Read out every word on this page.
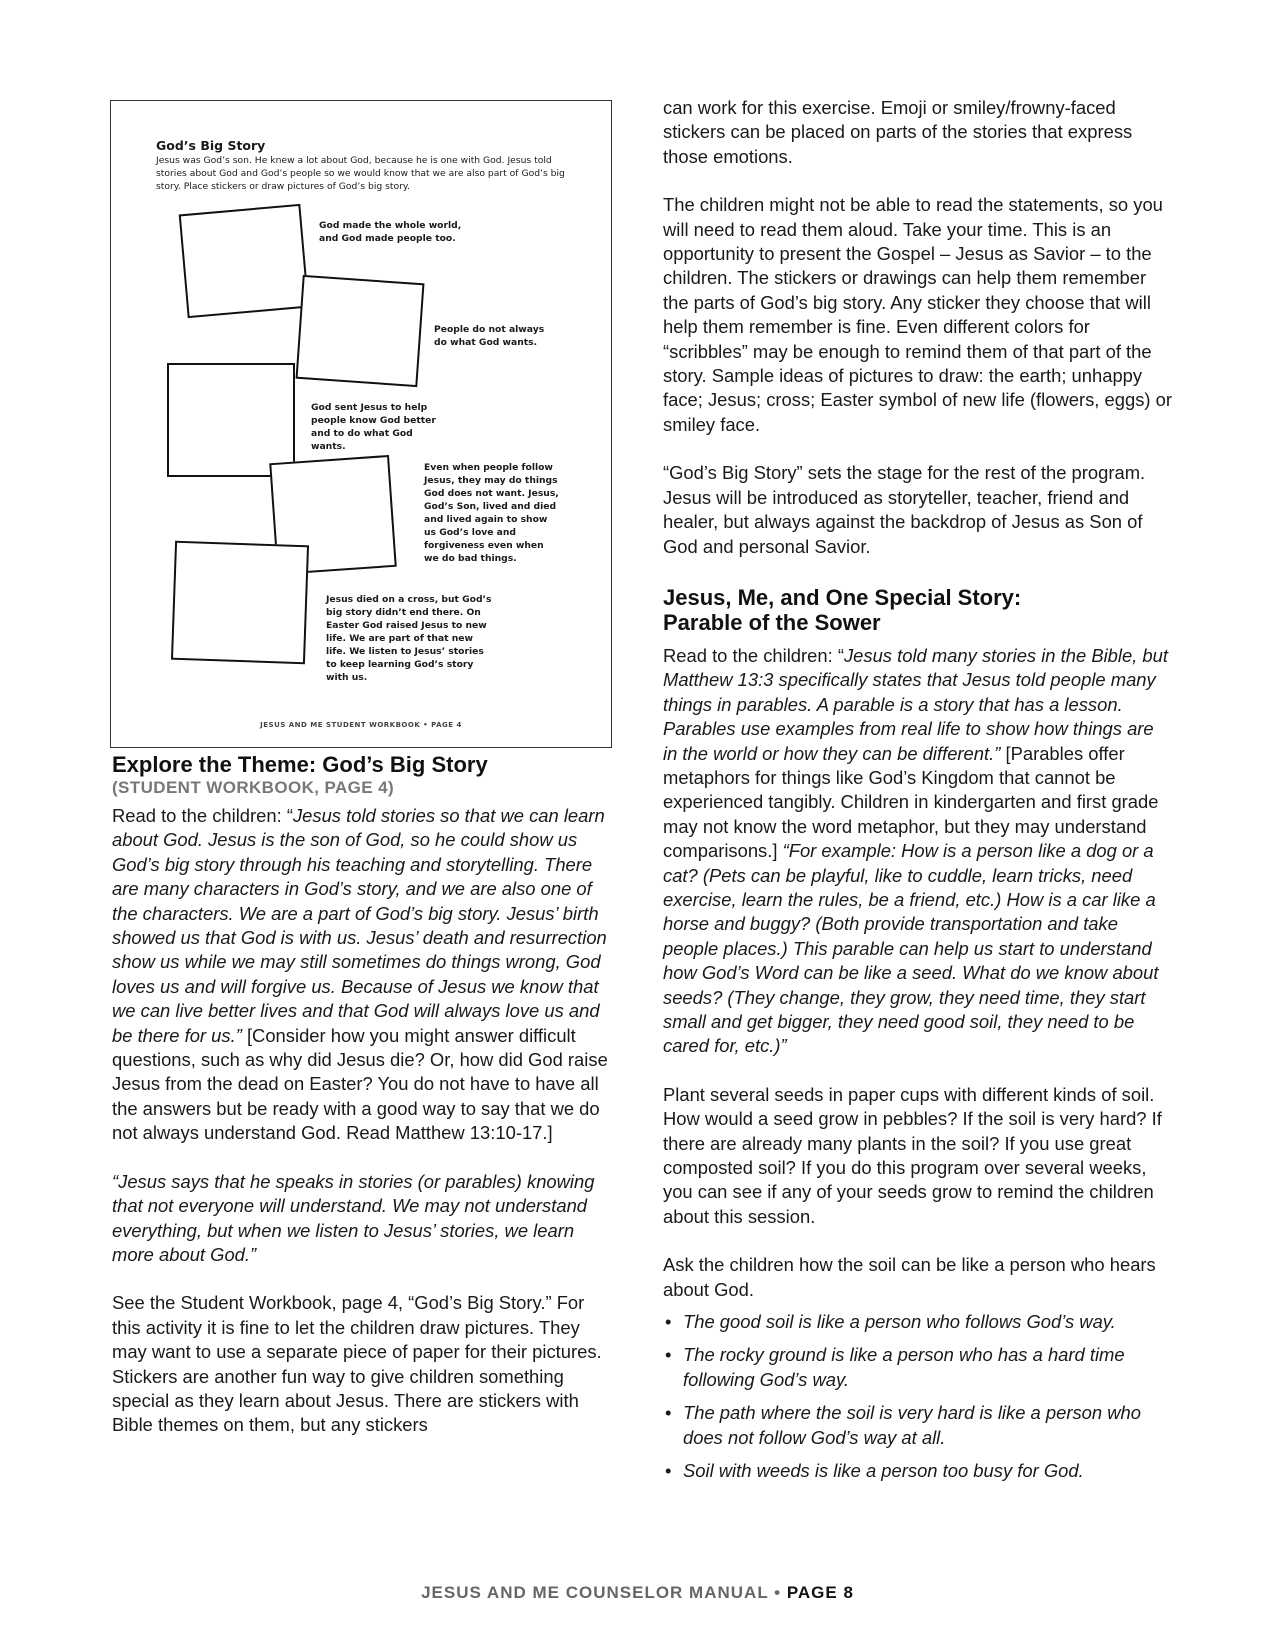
God’s Big Story
Jesus was God’s son. He knew a lot about God, because he is one with God. Jesus told stories about God and God’s people so we would know that we are also part of God’s big story. Place stickers or draw pictures of God’s big story.
God made the whole world, and God made people too.
People do not always do what God wants.
God sent Jesus to help people know God better and to do what God wants.
Even when people follow Jesus, they may do things God does not want. Jesus, God’s Son, lived and died and lived again to show us God’s love and forgiveness even when we do bad things.
Jesus died on a cross, but God’s big story didn’t end there. On Easter God raised Jesus to new life. We are part of that new life. We listen to Jesus’ stories to keep learning God’s story with us.
JESUS AND ME STUDENT WORKBOOK • PAGE 4
Explore the Theme: God’s Big Story
(STUDENT WORKBOOK, PAGE 4)

Read to the children: “Jesus told stories so that we can learn about God. Jesus is the son of God, so he could show us God’s big story through his teaching and storytelling. There are many characters in God’s story, and we are also one of the characters. We are a part of God’s big story. Jesus’ birth showed us that God is with us. Jesus’ death and resurrection show us while we may still sometimes do things wrong, God loves us and will forgive us. Because of Jesus we know that we can live better lives and that God will always love us and be there for us.” [Consider how you might answer difficult questions, such as why did Jesus die? Or, how did God raise Jesus from the dead on Easter? You do not have to have all the answers but be ready with a good way to say that we do not always understand God. Read Matthew 13:10-17.]

“Jesus says that he speaks in stories (or parables) knowing that not everyone will understand. We may not understand everything, but when we listen to Jesus’ stories, we learn more about God.”

See the Student Workbook, page 4, “God’s Big Story.” For this activity it is fine to let the children draw pictures. They may want to use a separate piece of paper for their pictures. Stickers are another fun way to give children something special as they learn about Jesus. There are stickers with Bible themes on them, but any stickers

can work for this exercise. Emoji or smiley/frowny-faced stickers can be placed on parts of the stories that express those emotions.

The children might not be able to read the statements, so you will need to read them aloud. Take your time. This is an opportunity to present the Gospel – Jesus as Savior – to the children. The stickers or drawings can help them remember the parts of God’s big story. Any sticker they choose that will help them remember is fine. Even different colors for “scribbles” may be enough to remind them of that part of the story. Sample ideas of pictures to draw: the earth; unhappy face; Jesus; cross; Easter symbol of new life (flowers, eggs) or smiley face.

“God’s Big Story” sets the stage for the rest of the program. Jesus will be introduced as storyteller, teacher, friend and healer, but always against the backdrop of Jesus as Son of God and personal Savior.

Jesus, Me, and One Special Story:
Parable of the Sower

Read to the children: “Jesus told many stories in the Bible, but Matthew 13:3 specifically states that Jesus told people many things in parables. A parable is a story that has a lesson. Parables use examples from real life to show how things are in the world or how they can be different.” [Parables offer metaphors for things like God’s Kingdom that cannot be experienced tangibly. Children in kindergarten and first grade may not know the word metaphor, but they may understand comparisons.] “For example: How is a person like a dog or a cat? (Pets can be playful, like to cuddle, learn tricks, need exercise, learn the rules, be a friend, etc.) How is a car like a horse and buggy? (Both provide transportation and take people places.) This parable can help us start to understand how God’s Word can be like a seed. What do we know about seeds? (They change, they grow, they need time, they start small and get bigger, they need good soil, they need to be cared for, etc.)”

Plant several seeds in paper cups with different kinds of soil. How would a seed grow in pebbles? If the soil is very hard? If there are already many plants in the soil? If you use great composted soil? If you do this program over several weeks, you can see if any of your seeds grow to remind the children about this session.

Ask the children how the soil can be like a person who hears about God.

• The good soil is like a person who follows God’s way.
• The rocky ground is like a person who has a hard time following God’s way.
• The path where the soil is very hard is like a person who does not follow God’s way at all.
• Soil with weeds is like a person too busy for God.
JESUS AND ME COUNSELOR MANUAL • PAGE 8
